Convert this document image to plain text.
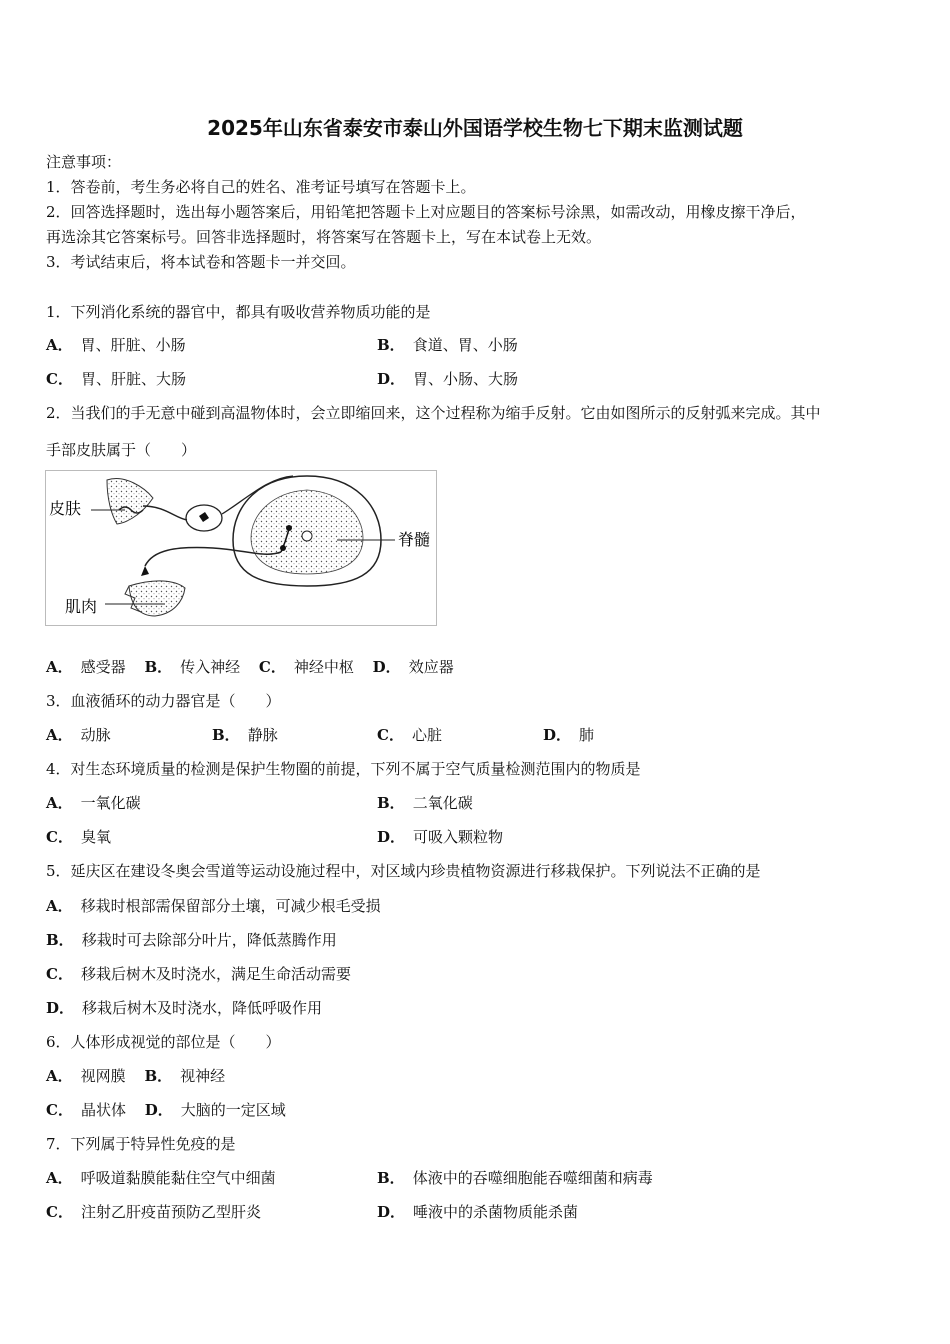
2025年山东省泰安市泰山外国语学校生物七下期末监测试题
注意事项：
1．答卷前，考生务必将自己的姓名、准考证号填写在答题卡上。
2．回答选择题时，选出每小题答案后，用铅笔把答题卡上对应题目的答案标号涂黑，如需改动，用橡皮擦干净后，
再选涂其它答案标号。回答非选择题时，将答案写在答题卡上，写在本试卷上无效。
3．考试结束后，将本试卷和答题卡一并交回。
1．下列消化系统的器官中，都具有吸收营养物质功能的是
A． 胃、肝脏、小肠	B． 食道、胃、小肠
C． 胃、肝脏、大肠	D． 胃、小肠、大肠
2．当我们的手无意中碰到高温物体时，会立即缩回来，这个过程称为缩手反射。它由如图所示的反射弧来完成。其中
手部皮肤属于（　　）
皮肤
脊髓
肌肉
A． 感受器 B． 传入神经 C． 神经中枢 D． 效应器
3．血液循环的动力器官是（　　）
A． 动脉	B． 静脉	C． 心脏	D． 肺
4．对生态环境质量的检测是保护生物圈的前提，下列不属于空气质量检测范围内的物质是
A． 一氧化碳	B． 二氧化碳
C． 臭氧	D． 可吸入颗粒物
5．延庆区在建设冬奥会雪道等运动设施过程中，对区域内珍贵植物资源进行移栽保护。下列说法不正确的是
A． 移栽时根部需保留部分土壤，可减少根毛受损
B． 移栽时可去除部分叶片，降低蒸腾作用
C． 移栽后树木及时浇水，满足生命活动需要
D． 移栽后树木及时浇水，降低呼吸作用
6．人体形成视觉的部位是（　　）
A． 视网膜 B． 视神经
C． 晶状体 D． 大脑的一定区域
7．下列属于特异性免疫的是
A． 呼吸道黏膜能黏住空气中细菌	B． 体液中的吞噬细胞能吞噬细菌和病毒
C． 注射乙肝疫苗预防乙型肝炎	D． 唾液中的杀菌物质能杀菌
